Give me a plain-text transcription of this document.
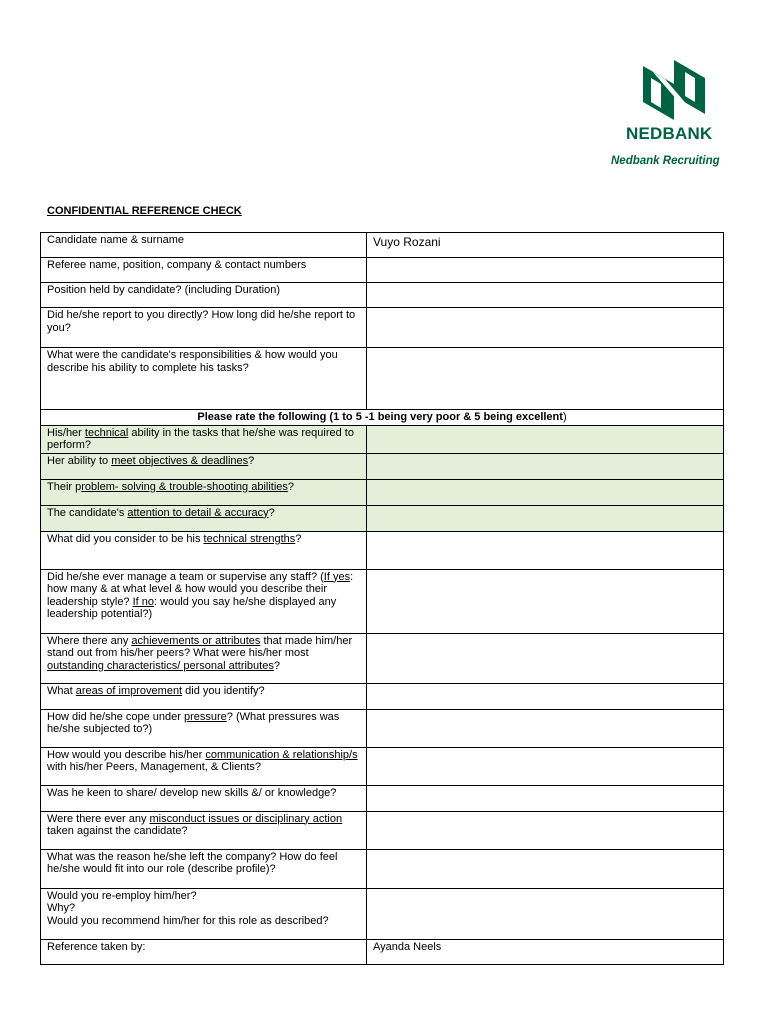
NEDBANK
Nedbank Recruiting
CONFIDENTIAL REFERENCE CHECK
Candidate name & surname	Vuyo Rozani
Referee name, position, company & contact numbers	
Position held by candidate? (including Duration)	
Did he/she report to you directly? How long did he/she report to you?	
What were the candidate's responsibilities & how would you describe his ability to complete his tasks?	
Please rate the following (1 to 5 -1 being very poor & 5 being excellent)	
His/her technical ability in the tasks that he/she was required to perform?	
Her ability to meet objectives & deadlines?	
Their problem- solving & trouble-shooting abilities?	
The candidate's attention to detail & accuracy?	
What did you consider to be his technical strengths?	
Did he/she ever manage a team or supervise any staff? (If yes: how many & at what level & how would you describe their leadership style? If no: would you say he/she displayed any leadership potential?)	
Where there any achievements or attributes that made him/her stand out from his/her peers? What were his/her most outstanding characteristics/ personal attributes?	
What areas of improvement did you identify?	
How did he/she cope under pressure? (What pressures was he/she subjected to?)	
How would you describe his/her communication & relationship/s with his/her Peers, Management, & Clients?	
Was he keen to share/ develop new skills &/ or knowledge?	
Were there ever any misconduct issues or disciplinary action taken against the candidate?	
What was the reason he/she left the company? How do feel he/she would fit into our role (describe profile)?	

Would you re-employ him/her?
Why?
Would you recommend him/her for this role as described?	

Reference taken by:	Ayanda Neels
